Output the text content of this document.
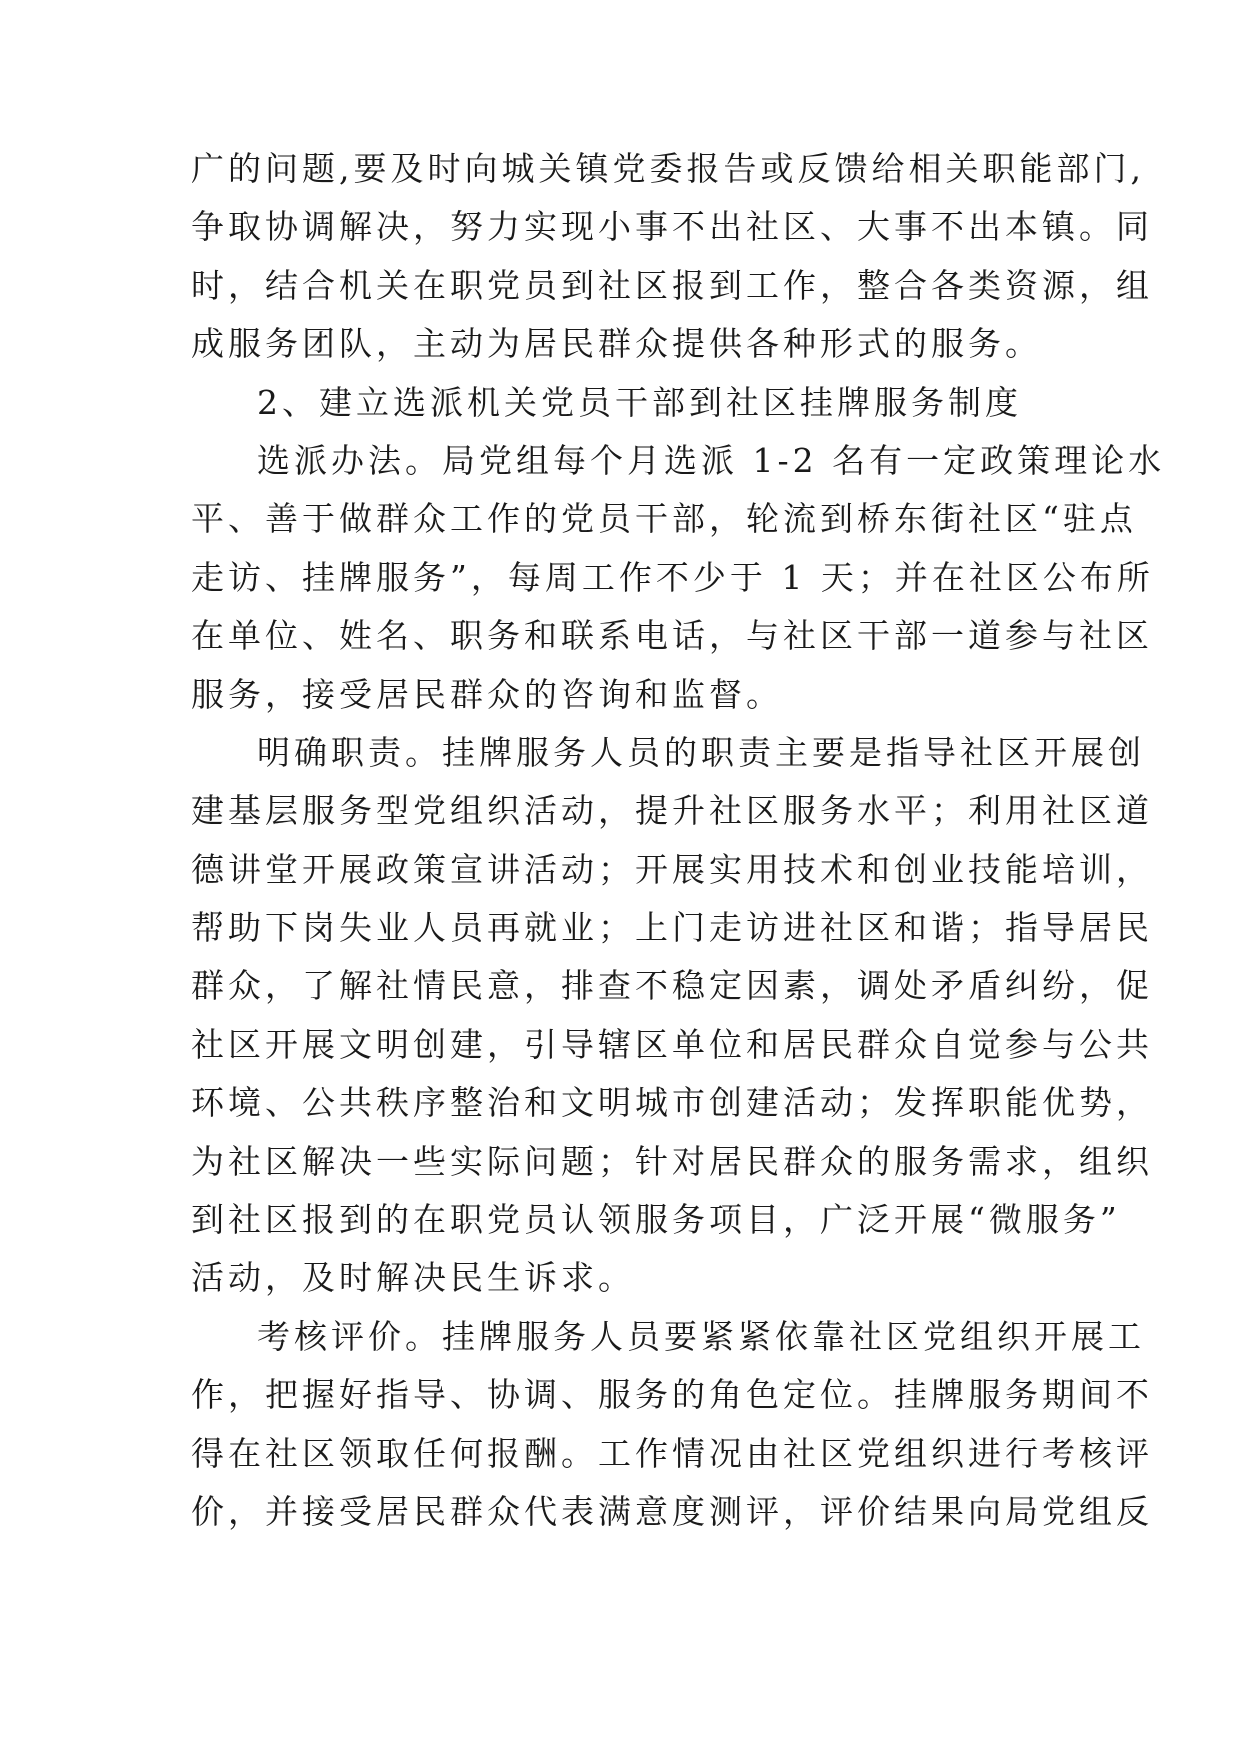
广的问题,要及时向城关镇党委报告或反馈给相关职能部门,
争取协调解决，努力实现小事不出社区、大事不出本镇。同
时，结合机关在职党员到社区报到工作，整合各类资源，组
成服务团队，主动为居民群众提供各种形式的服务。
2、建立选派机关党员干部到社区挂牌服务制度
选派办法。局党组每个月选派 1-2 名有一定政策理论水
平、善于做群众工作的党员干部，轮流到桥东街社区“驻点
走访、挂牌服务”，每周工作不少于 1 天；并在社区公布所
在单位、姓名、职务和联系电话，与社区干部一道参与社区
服务，接受居民群众的咨询和监督。
明确职责。挂牌服务人员的职责主要是指导社区开展创
建基层服务型党组织活动，提升社区服务水平；利用社区道
德讲堂开展政策宣讲活动；开展实用技术和创业技能培训，
帮助下岗失业人员再就业；上门走访进社区和谐；指导居民
群众，了解社情民意，排查不稳定因素，调处矛盾纠纷，促
社区开展文明创建，引导辖区单位和居民群众自觉参与公共
环境、公共秩序整治和文明城市创建活动；发挥职能优势，
为社区解决一些实际问题；针对居民群众的服务需求，组织
到社区报到的在职党员认领服务项目，广泛开展“微服务”
活动，及时解决民生诉求。
考核评价。挂牌服务人员要紧紧依靠社区党组织开展工
作，把握好指导、协调、服务的角色定位。挂牌服务期间不
得在社区领取任何报酬。工作情况由社区党组织进行考核评
价，并接受居民群众代表满意度测评，评价结果向局党组反
